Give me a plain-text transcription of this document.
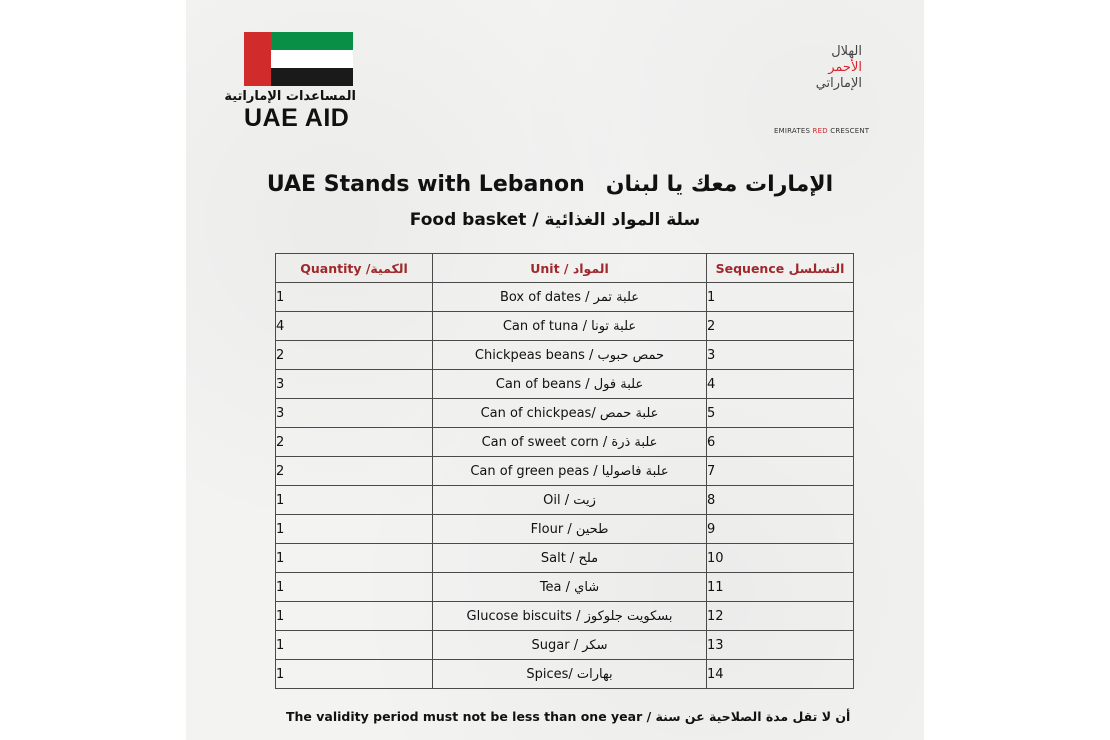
المساعدات الإماراتية
UAE AID
الهلال
الأحمر
الإماراتي
EMIRATES RED CRESCENT
UAE Stands with Lebanon الإمارات معك يا لبنان
Food basket / سلة المواد الغذائية
Quantity /الكمية	Unit / المواد	Sequence التسلسل
1	Box of dates / علبة تمر	1
4	Can of tuna / علبة تونا	2
2	Chickpeas beans / حمص حبوب	3
3	Can of beans / علبة فول	4
3	Can of chickpeas/ علبة حمص	5
2	Can of sweet corn / علبة ذرة	6
2	Can of green peas / علبة فاصوليا	7
1	Oil / زيت	8
1	Flour / طحين	9
1	Salt / ملح	10
1	Tea / شاي	11
1	Glucose biscuits / بسكويت جلوكوز	12
1	Sugar / سكر	13
1	Spices/ بهارات	14
The validity period must not be less than one year / أن لا تقل مدة الصلاحية عن سنة
